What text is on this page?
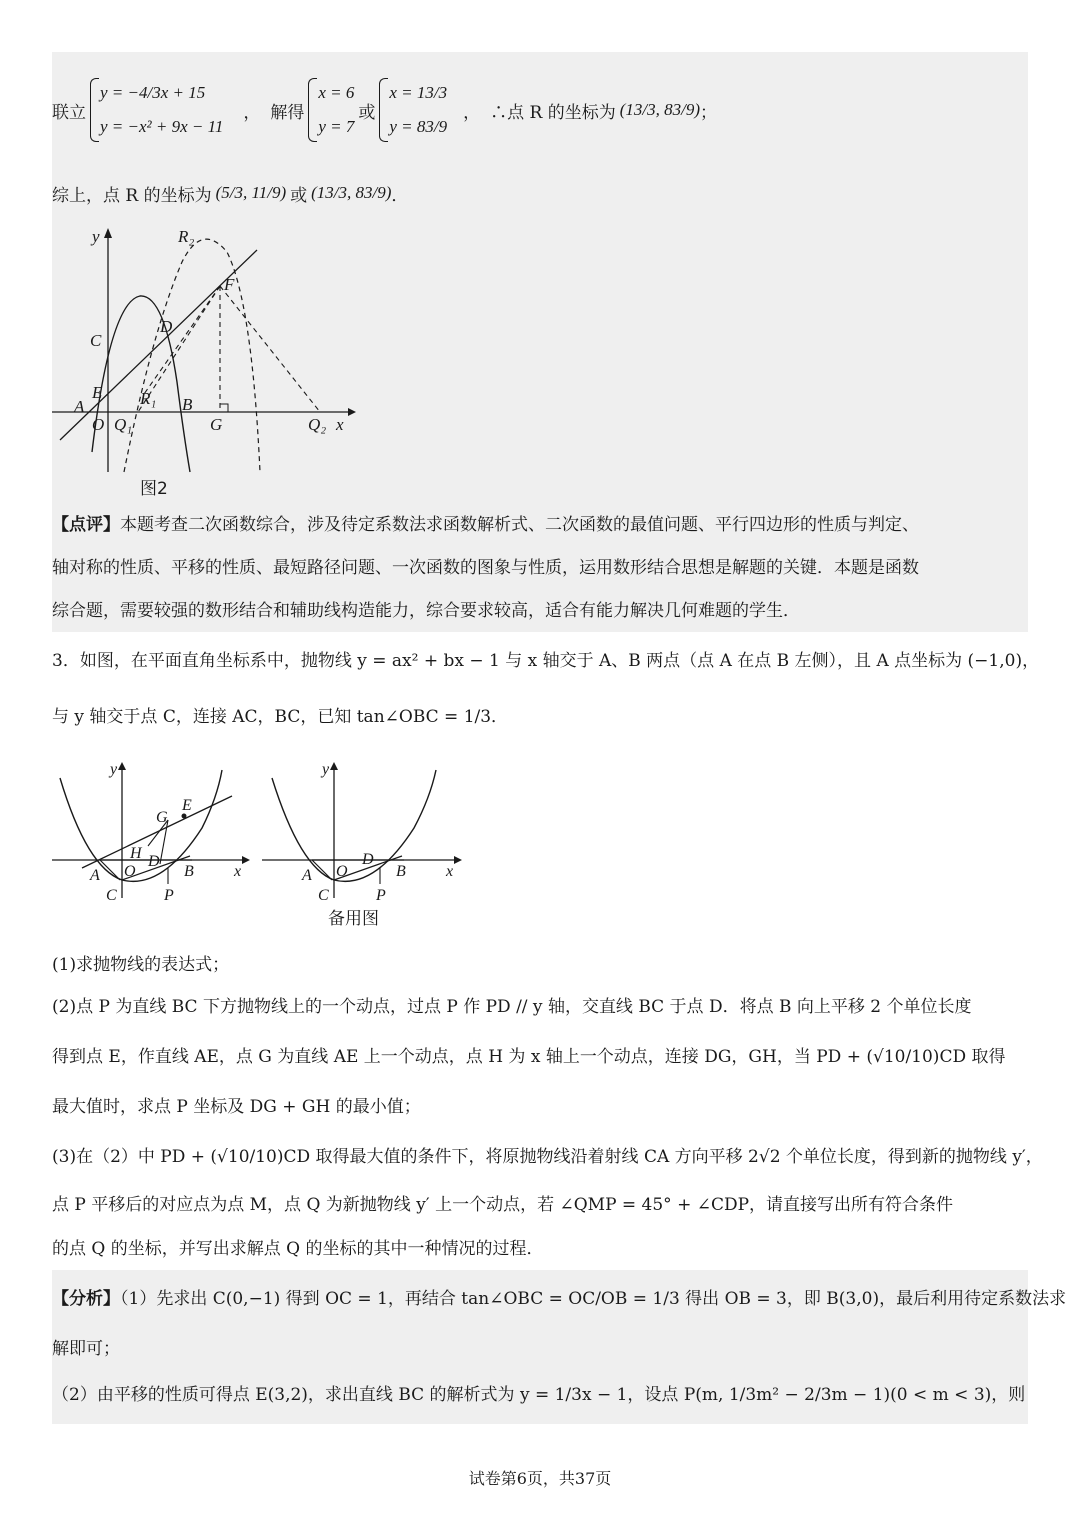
联立
y = −4/3x + 15
y = −x² + 9x − 11
， 解得
x = 6
y = 7
或
x = 13/3
y = 83/9
， ∴点 R 的坐标为 (13/3, 83/9) ；
综上，点 R 的坐标为 (5/3, 11/9) 或 (13/3, 83/9) ．
y	R₂
F
C
D
E
A	R₁ B
O Q₁	G	Q₂ x
图2
【点评】本题考查二次函数综合，涉及待定系数法求函数解析式、二次函数的最值问题、平行四边形的性质与判定、
轴对称的性质、平移的性质、最短路径问题、一次函数的图象与性质，运用数形结合思想是解题的关键．本题是函数
综合题，需要较强的数形结合和辅助线构造能力，综合要求较高，适合有能力解决几何难题的学生．
3．如图，在平面直角坐标系中，抛物线 y = ax² + bx − 1 与 x 轴交于 A、B 两点（点 A 在点 B 左侧），且 A 点坐标为 (−1,0)，
与 y 轴交于点 C，连接 AC，BC，已知 tan∠OBC = 1/3．
y
E
G
H D
A O	B	x
C	P
y
D
A O	B	x
C	P
备用图
(1)求抛物线的表达式；
(2)点 P 为直线 BC 下方抛物线上的一个动点，过点 P 作 PD // y 轴，交直线 BC 于点 D．将点 B 向上平移 2 个单位长度
得到点 E，作直线 AE，点 G 为直线 AE 上一个动点，点 H 为 x 轴上一个动点，连接 DG，GH，当 PD + (√10/10)CD 取得
最大值时，求点 P 坐标及 DG + GH 的最小值；
(3)在（2）中 PD + (√10/10)CD 取得最大值的条件下，将原抛物线沿着射线 CA 方向平移 2√2 个单位长度，得到新的抛物线 y′，
点 P 平移后的对应点为点 M，点 Q 为新抛物线 y′ 上一个动点，若 ∠QMP = 45° + ∠CDP，请直接写出所有符合条件
的点 Q 的坐标，并写出求解点 Q 的坐标的其中一种情况的过程．
【分析】（1）先求出 C(0,−1) 得到 OC = 1，再结合 tan∠OBC = OC/OB = 1/3 得出 OB = 3，即 B(3,0)，最后利用待定系数法求
解即可；
（2）由平移的性质可得点 E(3,2)，求出直线 BC 的解析式为 y = 1/3x − 1，设点 P(m, 1/3m² − 2/3m − 1)(0 < m < 3)，则
试卷第6页，共37页
